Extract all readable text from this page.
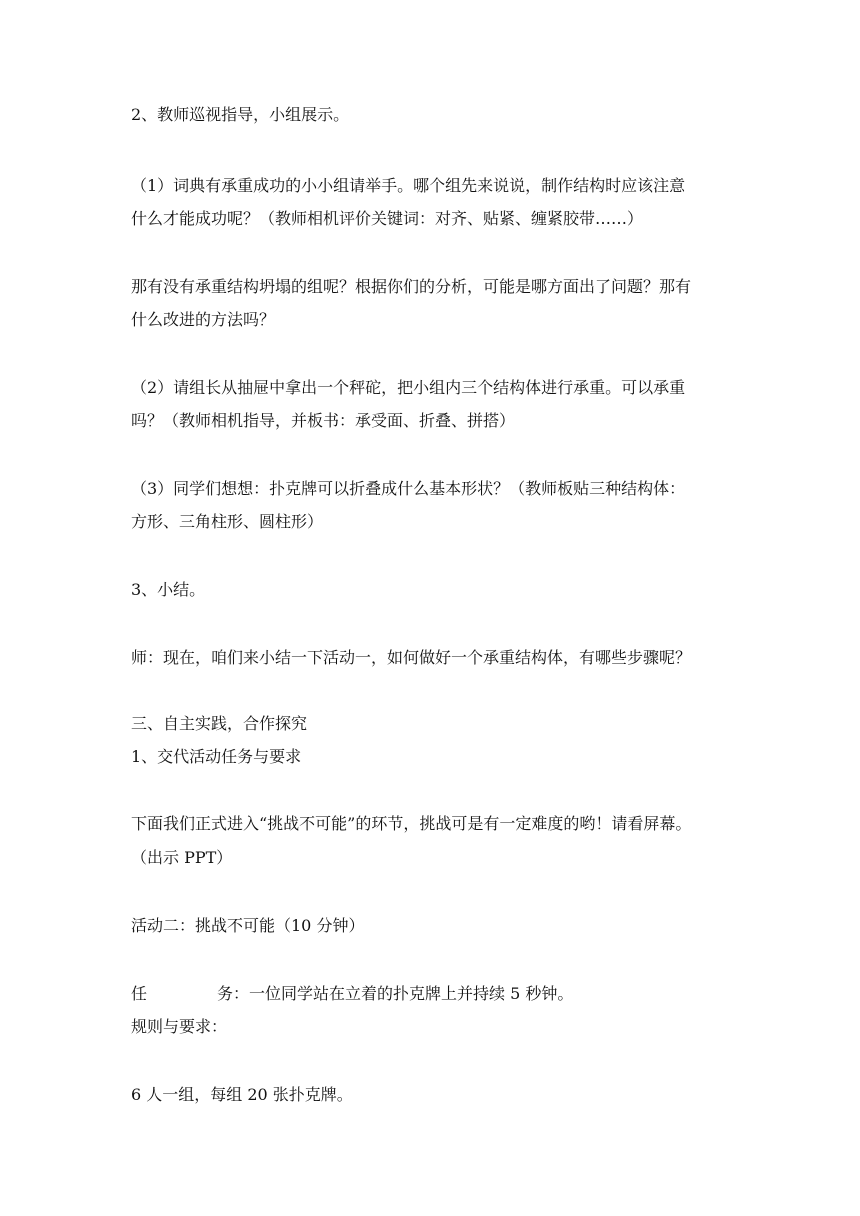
2、教师巡视指导，小组展示。

（1）词典有承重成功的小小组请举手。哪个组先来说说，制作结构时应该注意

什么才能成功呢？（教师相机评价关键词：对齐、贴紧、缠紧胶带……）

那有没有承重结构坍塌的组呢？根据你们的分析，可能是哪方面出了问题？那有

什么改进的方法吗？

（2）请组长从抽屉中拿出一个秤砣，把小组内三个结构体进行承重。可以承重

吗？（教师相机指导，并板书：承受面、折叠、拼搭）

（3）同学们想想：扑克牌可以折叠成什么基本形状？（教师板贴三种结构体：

方形、三角柱形、圆柱形）

3、小结。

师：现在，咱们来小结一下活动一，如何做好一个承重结构体，有哪些步骤呢？

三、自主实践，合作探究

1、交代活动任务与要求

下面我们正式进入“挑战不可能”的环节，挑战可是有一定难度的哟！请看屏幕。

（出示 PPT）

活动二：挑战不可能（10 分钟）

任	务：一位同学站在立着的扑克牌上并持续 5 秒钟。

规则与要求：

6 人一组，每组 20 张扑克牌。
